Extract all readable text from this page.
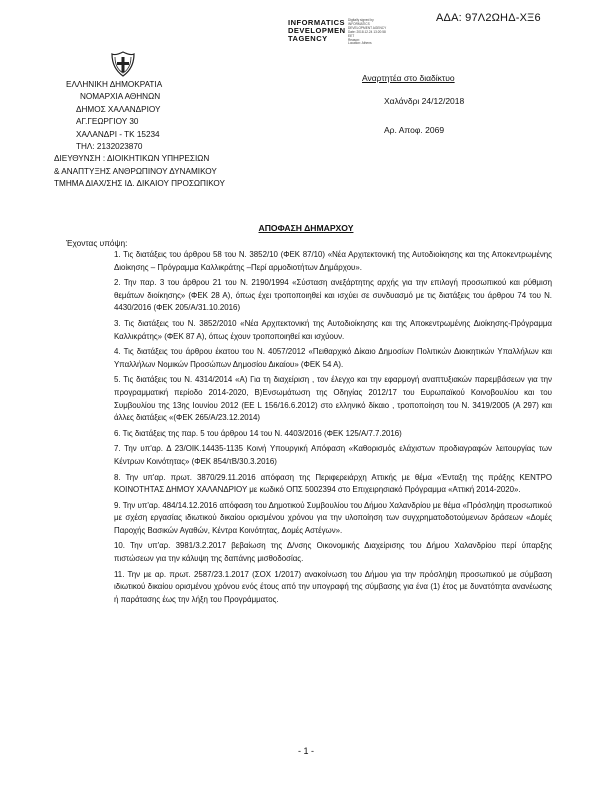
ΑΔΑ: 97Λ2ΩΗΔ-ΧΞ6
INFORMATICS
DEVELOPMEN
TAGENCY
Digitally signed by
INFORMATICS
DEVELOPMENT AGENCY
Date: 2018.12.24 13:20:58
EET
Reason:
Location: Athens
ΕΛΛΗΝΙΚΗ ΔΗΜΟΚΡΑΤΙΑ
ΝΟΜΑΡΧΙΑ ΑΘΗΝΩΝ
ΔΗΜΟΣ ΧΑΛΑΝΔΡΙΟΥ
ΑΓ.ΓΕΩΡΓΙΟΥ 30
ΧΑΛΑΝΔΡΙ - ΤΚ 15234
ΤΗΛ: 2132023870
ΔΙΕΥΘΥΝΣΗ : ΔΙΟΙΚΗΤΙΚΩΝ ΥΠΗΡΕΣΙΩΝ
& ΑΝΑΠΤΥΞΗΣ ΑΝΘΡΩΠΙΝΟΥ ΔΥΝΑΜΙΚΟΥ
ΤΜΗΜΑ ΔΙΑΧ/ΣΗΣ ΙΔ. ΔΙΚΑΙΟΥ ΠΡΟΣΩΠΙΚΟΥ
Αναρτητέα στο διαδίκτυο
Χαλάνδρι 24/12/2018
Αρ. Αποφ. 2069
ΑΠΟΦΑΣΗ ΔΗΜΑΡΧΟΥ
Έχοντας υπόψη:
1. Τις διατάξεις του άρθρου 58 του Ν. 3852/10 (ΦΕΚ 87/10) «Νέα Αρχιτεκτονική της Αυτοδιοίκησης και της Αποκεντρωμένης Διοίκησης – Πρόγραμμα Καλλικράτης –Περί αρμοδιοτήτων Δημάρχου».
2. Την παρ. 3 του άρθρου 21 του Ν. 2190/1994 «Σύσταση ανεξάρτητης αρχής για την επιλογή προσωπικού και ρύθμιση θεμάτων διοίκησης» (ΦΕΚ 28 Α), όπως έχει τροποποιηθεί και ισχύει σε συνδυασμό με τις διατάξεις του άρθρου 74 του Ν. 4430/2016 (ΦΕΚ 205/Α/31.10.2016)
3. Τις διατάξεις του Ν. 3852/2010 «Νέα Αρχιτεκτονική της Αυτοδιοίκησης και της Αποκεντρωμένης Διοίκησης-Πρόγραμμα Καλλικράτης» (ΦΕΚ 87 Α), όπως έχουν τροποποιηθεί και ισχύουν.
4. Τις διατάξεις του άρθρου έκατου του Ν. 4057/2012 «Πειθαρχικό Δίκαιο Δημοσίων Πολιτικών Διοικητικών Υπαλλήλων και Υπαλλήλων Νομικών Προσώπων Δημοσίου Δικαίου» (ΦΕΚ 54 Α).
5. Τις διατάξεις του Ν. 4314/2014 «Α) Για τη διαχείριση , τον έλεγχο και την εφαρμογή αναπτυξιακών παρεμβάσεων για την προγραμματική περίοδο 2014-2020, Β)Ενσωμάτωση της Οδηγίας 2012/17 του Ευρωπαϊκού Κοινοβουλίου και του Συμβουλίου της 13ης Ιουνίου 2012 (ΕΕ L 156/16.6.2012) στο ελληνικό δίκαιο , τροποποίηση του Ν. 3419/2005 (Α 297) και άλλες διατάξεις «(ΦΕΚ 265/Α/23.12.2014)
6. Τις διατάξεις της παρ. 5 του άρθρου 14 του Ν. 4403/2016 (ΦΕΚ 125/Α/7.7.2016)
7. Την υπ'αρ. Δ 23/ΟΙΚ.14435-1135 Κοινή Υπουργική Απόφαση «Καθορισμός ελάχιστων προδιαγραφών λειτουργίας των Κέντρων Κοινότητας» (ΦΕΚ 854/τΒ/30.3.2016)
8. Την υπ'αρ. πρωτ. 3870/29.11.2016 απόφαση της Περιφερειάρχη Αττικής με θέμα «Ένταξη της πράξης ΚΕΝΤΡΟ ΚΟΙΝΟΤΗΤΑΣ ΔΗΜΟΥ ΧΑΛΑΝΔΡΙΟΥ με κωδικό ΟΠΣ 5002394 στο Επιχειρησιακό Πρόγραμμα «Αττική 2014-2020».
9. Την υπ'αρ. 484/14.12.2016 απόφαση του Δημοτικού Συμβουλίου του Δήμου Χαλανδρίου με θέμα «Πρόσληψη προσωπικού με σχέση εργασίας ιδιωτικού δικαίου ορισμένου χρόνου για την υλοποίηση των συγχρηματοδοτούμενων δράσεων «Δομές Παροχής Βασικών Αγαθών, Κέντρα Κοινότητας, Δομές Αστέγων».
10. Την υπ'αρ. 3981/3.2.2017 βεβαίωση της Δ/νσης Οικονομικής Διαχείρισης του Δήμου Χαλανδρίου περί ύπαρξης πιστώσεων για την κάλυψη της δαπάνης μισθοδοσίας.
11. Την με αρ. πρωτ. 2587/23.1.2017 (ΣΟΧ 1/2017) ανακοίνωση του Δήμου για την πρόσληψη προσωπικού με σύμβαση ιδιωτικού δικαίου ορισμένου χρόνου ενός έτους από την υπογραφή της σύμβασης για ένα (1) έτος με δυνατότητα ανανέωσης ή παράτασης έως την λήξη του Προγράμματος.
- 1 -
